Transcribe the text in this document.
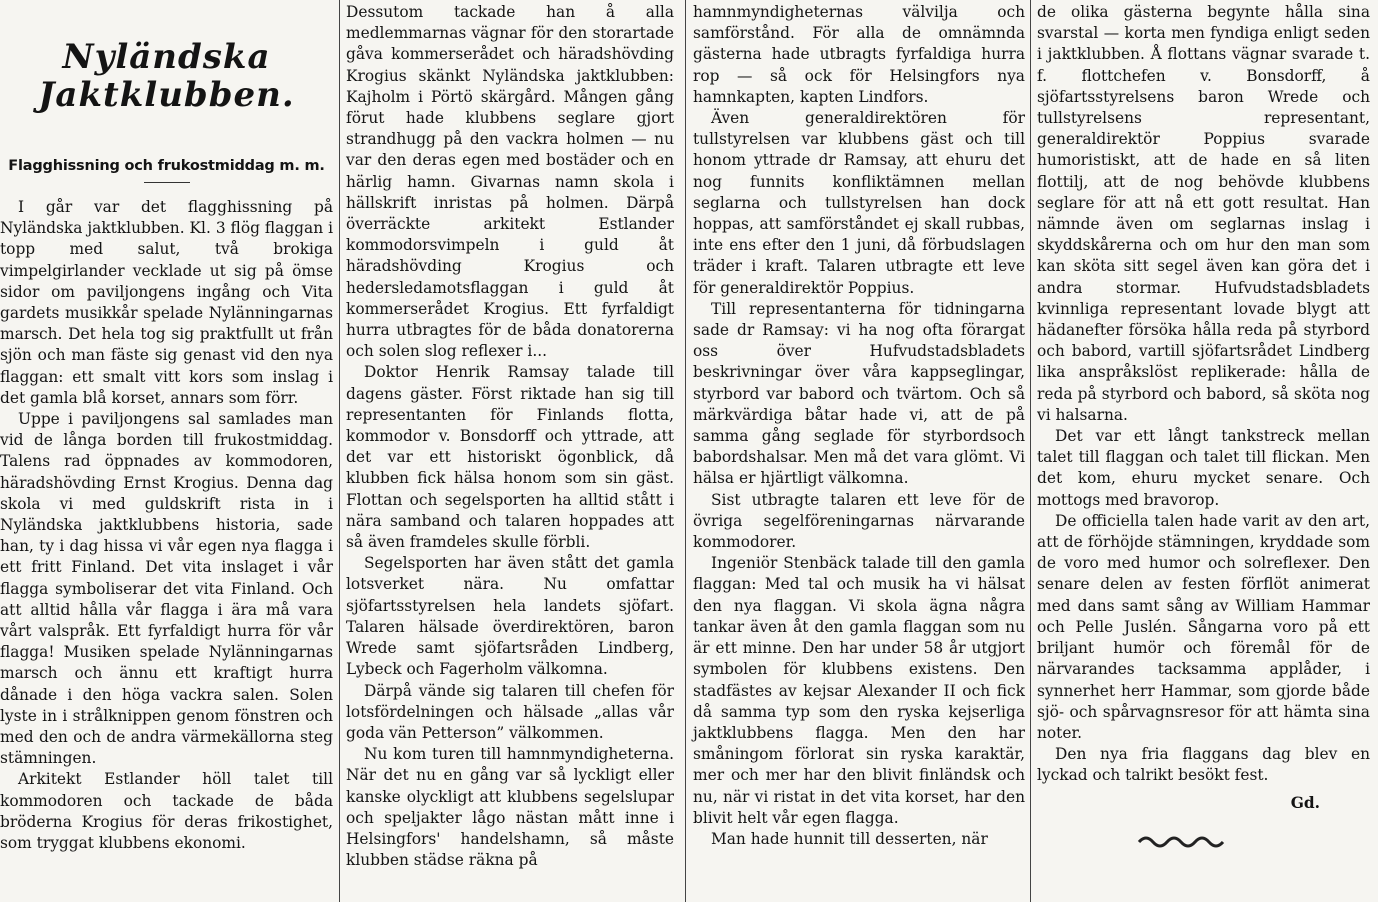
Nyländska Jaktklubben.
Flagghissning och frukostmiddag m. m.

I går var det flagghissning på Nyländska jaktklubben. Kl. 3 flög flaggan i topp med salut, två brokiga vimpelgirlander vecklade ut sig på ömse sidor om paviljongens ingång och Vita gardets musikkår spelade Nylänningarnas marsch. Det hela tog sig praktfullt ut från sjön och man fäste sig genast vid den nya flaggan: ett smalt vitt kors som inslag i det gamla blå korset, annars som förr.

Uppe i paviljongens sal samlades man vid de långa borden till frukostmiddag. Talens rad öppnades av kommodoren, häradshövding Ernst Krogius. Denna dag skola vi med guldskrift rista in i Nyländska jaktklubbens historia, sade han, ty i dag hissa vi vår egen nya flagga i ett fritt Finland. Det vita inslaget i vår flagga symboliserar det vita Finland. Och att alltid hålla vår flagga i ära må vara vårt valspråk. Ett fyrfaldigt hurra för vår flagga! Musiken spelade Nylänningarnas marsch och ännu ett kraftigt hurra dånade i den höga vackra salen. Solen lyste in i strålknippen genom fönstren och med den och de andra värmekällorna steg stämningen.

Arkitekt Estlander höll talet till kommodoren och tackade de båda bröderna Krogius för deras frikostighet, som tryggat klubbens ekonomi.

Dessutom tackade han å alla medlemmarnas vägnar för den storartade gåva kommerserådet och häradshövding Krogius skänkt Nyländska jaktklubben: Kajholm i Pörtö skärgård. Mången gång förut hade klubbens seglare gjort strandhugg på den vackra holmen — nu var den deras egen med bostäder och en härlig hamn. Givarnas namn skola i hällskrift inristas på holmen. Därpå överräckte arkitekt Estlander kommodorsvimpeln i guld åt häradshövding Krogius och hedersledamotsflaggan i guld åt kommerserådet Krogius. Ett fyrfaldigt hurra utbragtes för de båda donatorerna och solen slog reflexer i...

Doktor Henrik Ramsay talade till dagens gäster. Först riktade han sig till representanten för Finlands flotta, kommodor v. Bonsdorff och yttrade, att det var ett historiskt ögonblick, då klubben fick hälsa honom som sin gäst. Flottan och segelsporten ha alltid stått i nära samband och talaren hoppades att så även framdeles skulle förbli.

Segelsporten har även stått det gamla lotsverket nära. Nu omfattar sjöfartsstyrelsen hela landets sjöfart. Talaren hälsade överdirektören, baron Wrede samt sjöfartsråden Lindberg, Lybeck och Fagerholm välkomna.

Därpå vände sig talaren till chefen för lotsfördelningen och hälsade „allas vår goda vän Petterson” välkommen.

Nu kom turen till hamnmyndigheterna. När det nu en gång var så lyckligt eller kanske olyckligt att klubbens segelslupar och speljakter lågo nästan mått inne i Helsingfors' handelshamn, så måste klubben städse räkna på

hamnmyndigheternas välvilja och samförstånd. För alla de omnämnda gästerna hade utbragts fyrfaldiga hurra rop — så ock för Helsingfors nya hamnkapten, kapten Lindfors.

Även generaldirektören för tullstyrelsen var klubbens gäst och till honom yttrade dr Ramsay, att ehuru det nog funnits konfliktämnen mellan seglarna och tullstyrelsen han dock hoppas, att samförståndet ej skall rubbas, inte ens efter den 1 juni, då förbudslagen träder i kraft. Talaren utbragte ett leve för generaldirektör Poppius.

Till representanterna för tidningarna sade dr Ramsay: vi ha nog ofta förargat oss över Hufvudstadsbladets beskrivningar över våra kappseglingar, styrbord var babord och tvärtom. Och så märkvärdiga båtar hade vi, att de på samma gång seglade för styrbordsoch babordshalsar. Men må det vara glömt. Vi hälsa er hjärtligt välkomna.

Sist utbragte talaren ett leve för de övriga segelföreningarnas närvarande kommodorer.

Ingeniör Stenbäck talade till den gamla flaggan: Med tal och musik ha vi hälsat den nya flaggan. Vi skola ägna några tankar även åt den gamla flaggan som nu är ett minne. Den har under 58 år utgjort symbolen för klubbens existens. Den stadfästes av kejsar Alexander II och fick då samma typ som den ryska kejserliga jaktklubbens flagga. Men den har småningom förlorat sin ryska karaktär, mer och mer har den blivit finländsk och nu, när vi ristat in det vita korset, har den blivit helt vår egen flagga.

Man hade hunnit till desserten, när

de olika gästerna begynte hålla sina svarstal — korta men fyndiga enligt seden i jaktklubben. Å flottans vägnar svarade t. f. flottchefen v. Bonsdorff, å sjöfartsstyrelsens baron Wrede och tullstyrelsens representant, generaldirektör Poppius svarade humoristiskt, att de hade en så liten flottilj, att de nog behövde klubbens seglare för att nå ett gott resultat. Han nämnde även om seglarnas inslag i skyddskårerna och om hur den man som kan sköta sitt segel även kan göra det i andra stormar. Hufvudstadsbladets kvinnliga representant lovade blygt att hädanefter försöka hålla reda på styrbord och babord, vartill sjöfartsrådet Lindberg lika anspråkslöst replikerade: hålla de reda på styrbord och babord, så sköta nog vi halsarna.

Det var ett långt tankstreck mellan talet till flaggan och talet till flickan. Men det kom, ehuru mycket senare. Och mottogs med bravorop.

De officiella talen hade varit av den art, att de förhöjde stämningen, kryddade som de voro med humor och solreflexer. Den senare delen av festen förflöt animerat med dans samt sång av William Hammar och Pelle Juslén. Sångarna voro på ett briljant humör och föremål för de närvarandes tacksamma applåder, i synnerhet herr Hammar, som gjorde både sjö- och spårvagnsresor för att hämta sina noter.

Den nya fria flaggans dag blev en lyckad och talrikt besökt fest.

Gd.
